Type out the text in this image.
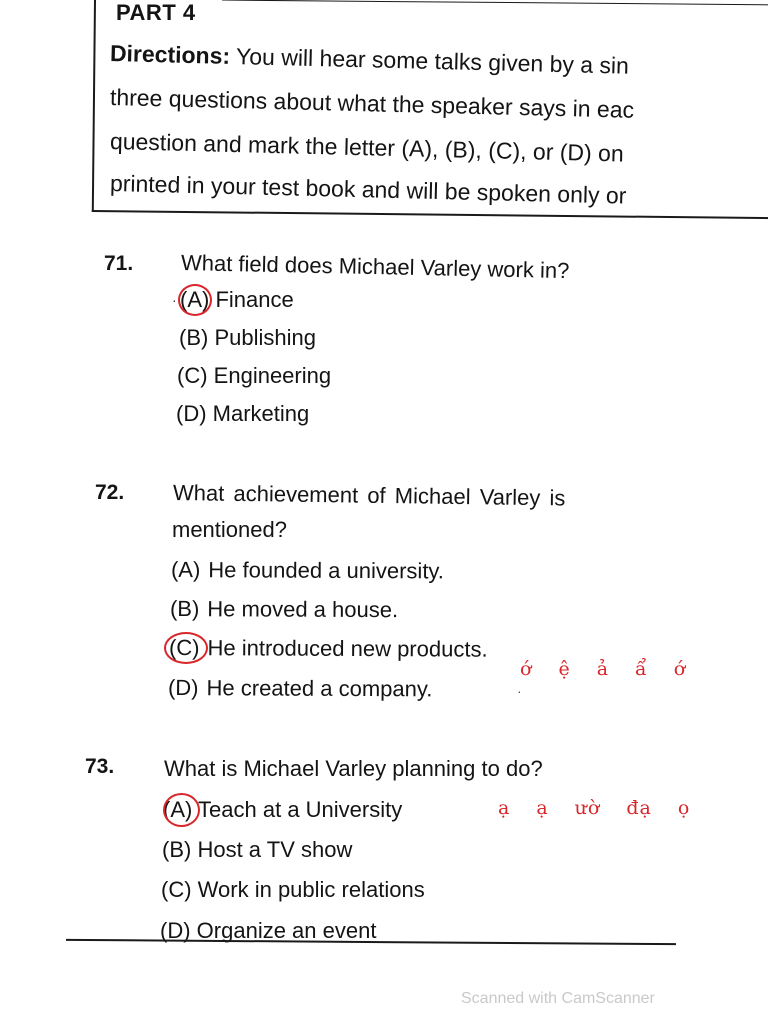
PART 4
Directions: You will hear some talks given by a sin
three questions about what the speaker says in eac
question and mark the letter (A), (B), (C), or (D) on
printed in your test book and will be spoken only or
71. What field does Michael Varley work in?
· (A) Finance
(B) Publishing
(C) Engineering
(D) Marketing
72. What achievement of Michael Varley is
mentioned?
(A) He founded a university.
(B) He moved a house.
(C) He introduced new products.
(D) He created a company.	·
ớ ệ ả ẩ ớ
73. What is Michael Varley planning to do?
(A) Teach at a University	ạ ạ ườ đạ ọ
(B) Host a TV show
(C) Work in public relations
(D) Organize an event
Scanned with CamScanner
